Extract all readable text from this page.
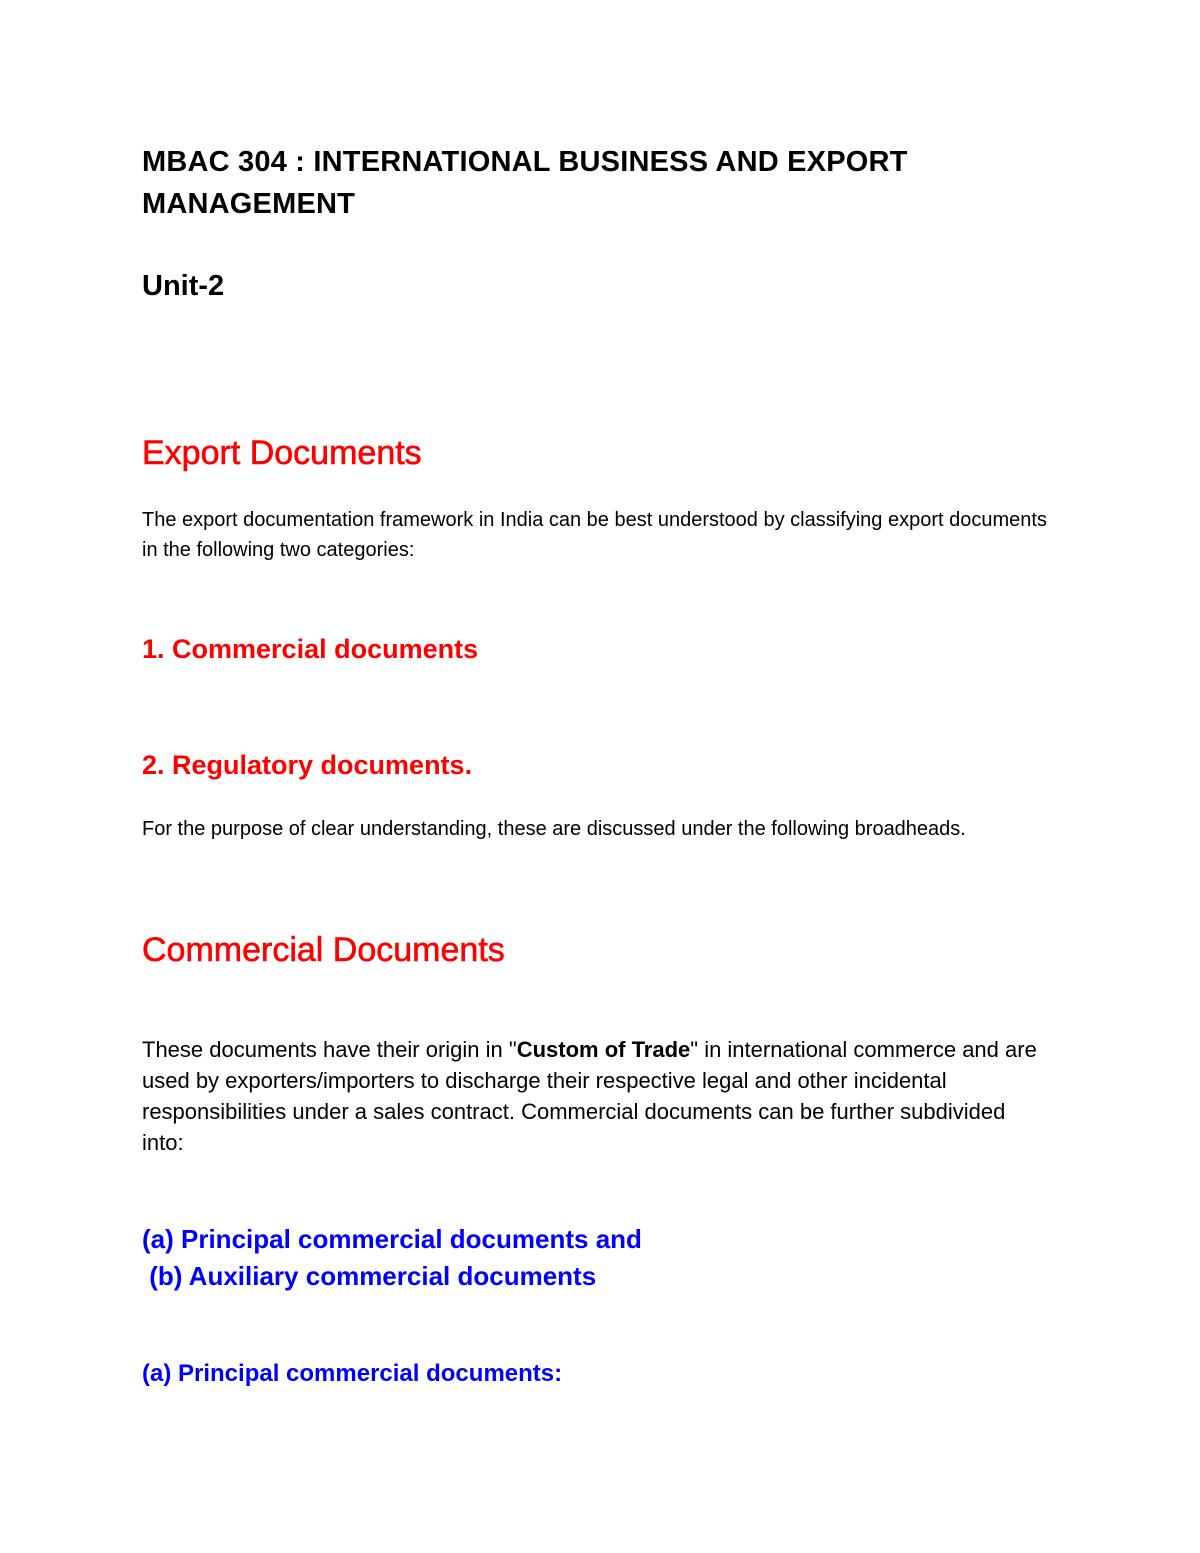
MBAC 304 : INTERNATIONAL BUSINESS AND EXPORT MANAGEMENT
Unit-2
Export Documents

The export documentation framework in India can be best understood by classifying export documents in the following two categories:

1. Commercial documents
2. Regulatory documents.

For the purpose of clear understanding, these are discussed under the following broadheads.

Commercial Documents
These documents have their origin in "Custom of Trade" in international commerce and are
used by exporters/importers to discharge their respective legal and other incidental responsibilities under a sales contract. Commercial documents can be further subdivided into:
(a) Principal commercial documents and
(b) Auxiliary commercial documents
(a) Principal commercial documents:
